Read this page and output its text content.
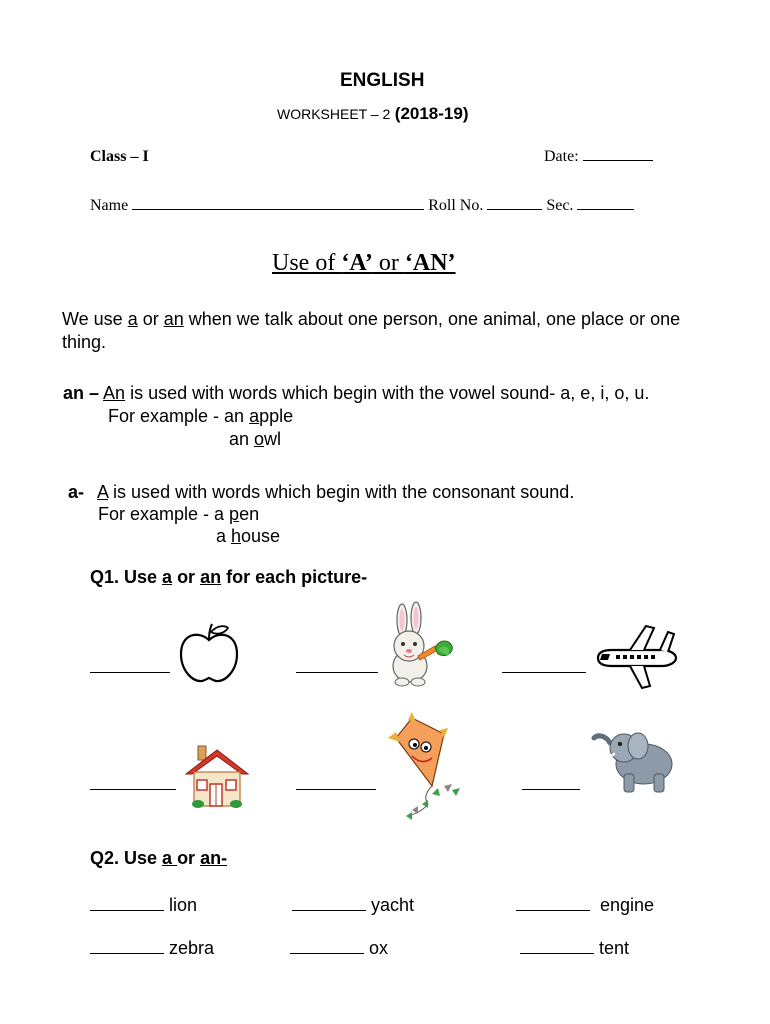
ENGLISH
WORKSHEET – 2 (2018-19)
Class – I	Date:
Name	Roll No.	Sec.
Use of ‘A’ or ‘AN’
We use a or an when we talk about one person, one animal, one place or one
thing.
an – An is used with words which begin with the vowel sound- a, e, i, o, u.
For example - an apple
an owl
a- A is used with words which begin with the consonant sound.
For example - a pen
a house
Q1. Use a or an for each picture-
Q2. Use a or an-
lion	yacht	engine
zebra	ox	tent
